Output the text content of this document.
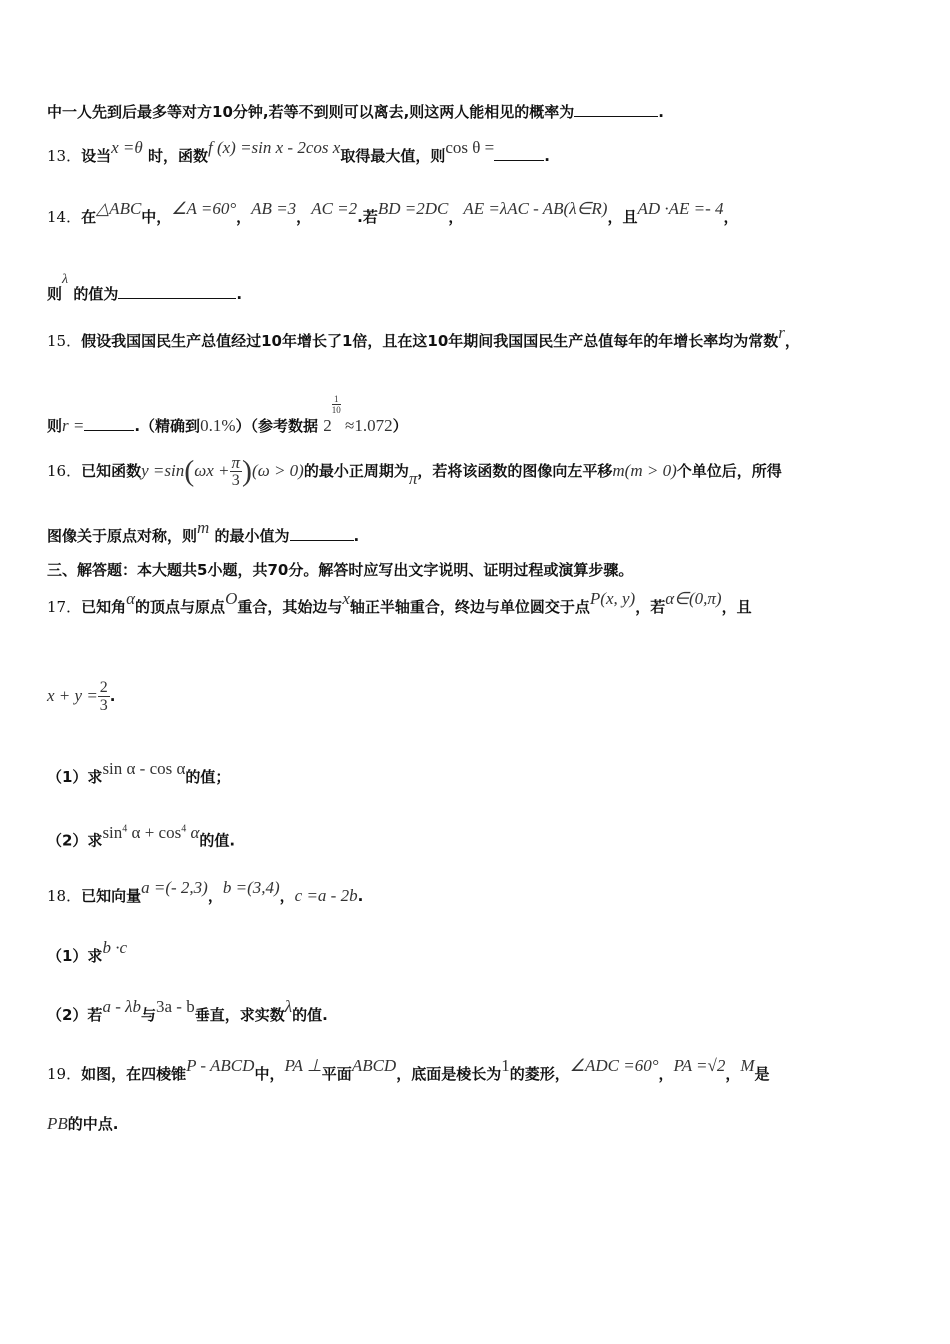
中一人先到后最多等对方10分钟,若等不到则可以离去,则这两人能相见的概率为	.
13．设当x =θ 时，函数f (x) =sin x - 2cos x取得最大值，则cos θ =	.
14．在△ABC中，∠A =60°，AB =3，AC =2.若BD =2DC，AE =λAC - AB(λ∈R)，且AD ·AE =- 4，
则λ 的值为	.
15．假设我国国民生产总值经过10年增长了1倍，且在这10年期间我国国民生产总值每年的年增长率均为常数r，
则r =	.（精确到0.1%）（参考数据 2
$\frac{1}{10}$
≈1.072）
16．已知函数$y =\sin(\omega x + \frac{\pi}{3} )(\omega > 0)$的最小正周期为π，若将该函数的图像向左平移m(m > 0)个单位后，所得
图像关于原点对称，则m 的最小值为	.
三、解答题：本大题共5小题，共70分。解答时应写出文字说明、证明过程或演算步骤。
17．已知角α的顶点与原点O重合，其始边与x轴正半轴重合，终边与单位圆交于点P(x, y)，若α∈(0,π)，且
$x + y = \frac{2}{3}$ .
（1）求sin α - cos α的值；
（2）求$\sin^4 \alpha + \cos^4 \alpha$的值.
18．已知向量a =(- 2,3)，b =(3,4)，c =a - 2b.
（1）求b ·c
（2）若a - λb与3a - b垂直，求实数λ的值.
19．如图，在四棱锥P - ABCD中，PA ⊥平面ABCD，底面是棱长为1的菱形，∠ADC =60°，PA =√2，M是
PB的中点.
